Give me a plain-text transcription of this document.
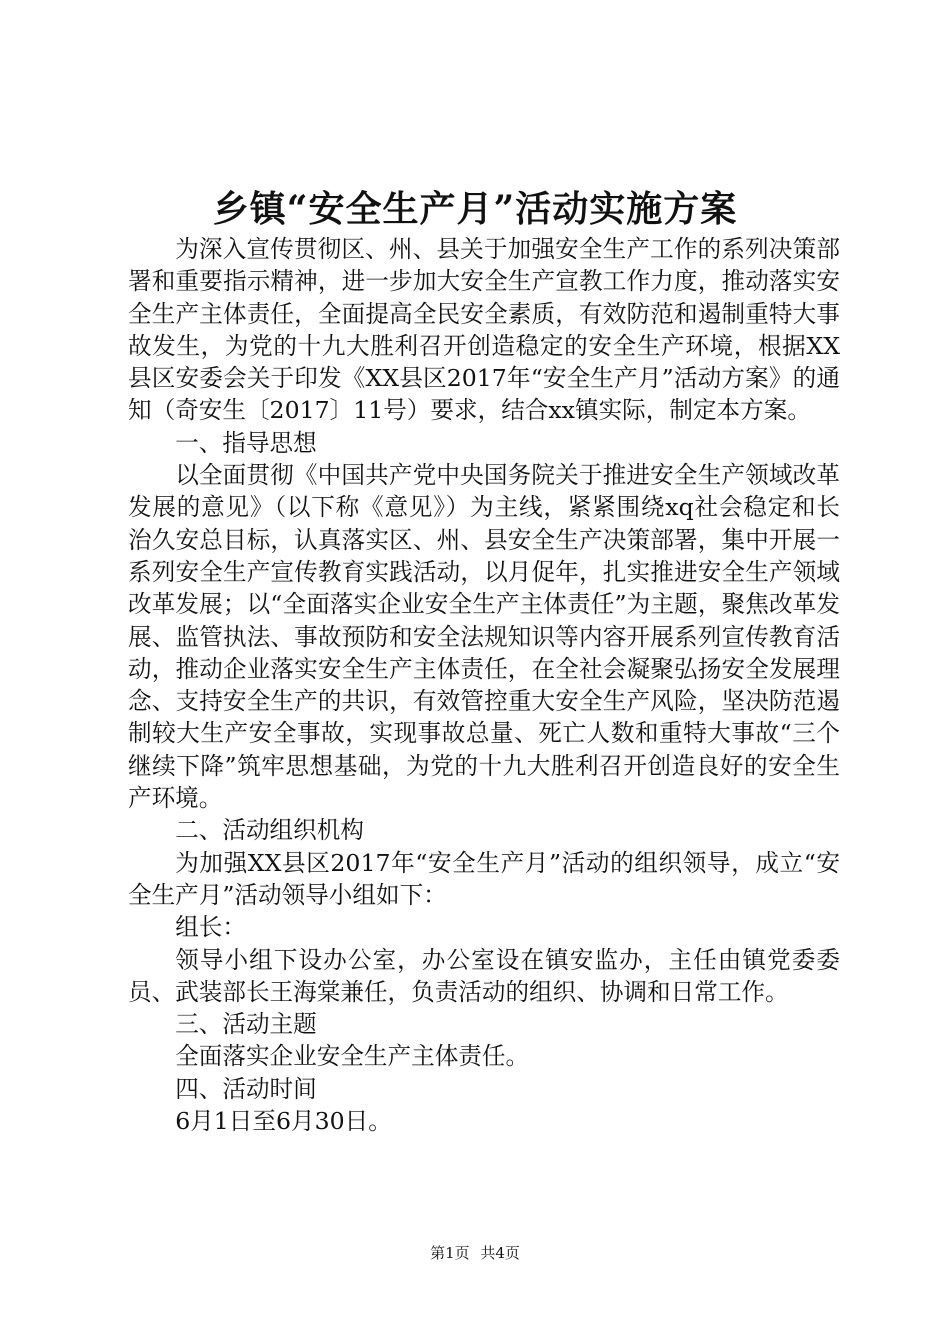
乡镇“安全生产月”活动实施方案

为深入宣传贯彻区、州、县关于加强安全生产工作的系列决策部署和重要指示精神，进一步加大安全生产宣教工作力度，推动落实安全生产主体责任，全面提高全民安全素质，有效防范和遏制重特大事故发生，为党的十九大胜利召开创造稳定的安全生产环境，根据XX县区安委会关于印发《XX县区2017年“安全生产月”活动方案》的通知（奇安生〔2017〕11号）要求，结合xx镇实际，制定本方案。

一、指导思想

以全面贯彻《中国共产党中央国务院关于推进安全生产领域改革发展的意见》（以下称《意见》）为主线，紧紧围绕xq社会稳定和长治久安总目标，认真落实区、州、县安全生产决策部署，集中开展一系列安全生产宣传教育实践活动，以月促年，扎实推进安全生产领域改革发展；以“全面落实企业安全生产主体责任”为主题，聚焦改革发展、监管执法、事故预防和安全法规知识等内容开展系列宣传教育活动，推动企业落实安全生产主体责任，在全社会凝聚弘扬安全发展理念、支持安全生产的共识，有效管控重大安全生产风险，坚决防范遏制较大生产安全事故，实现事故总量、死亡人数和重特大事故“三个继续下降”筑牢思想基础，为党的十九大胜利召开创造良好的安全生产环境。

二、活动组织机构

为加强XX县区2017年“安全生产月”活动的组织领导，成立“安全生产月”活动领导小组如下：

组长：

领导小组下设办公室，办公室设在镇安监办，主任由镇党委委员、武装部长王海棠兼任，负责活动的组织、协调和日常工作。

三、活动主题

全面落实企业安全生产主体责任。

四、活动时间

6月1日至6月30日。

第1页 共4页
